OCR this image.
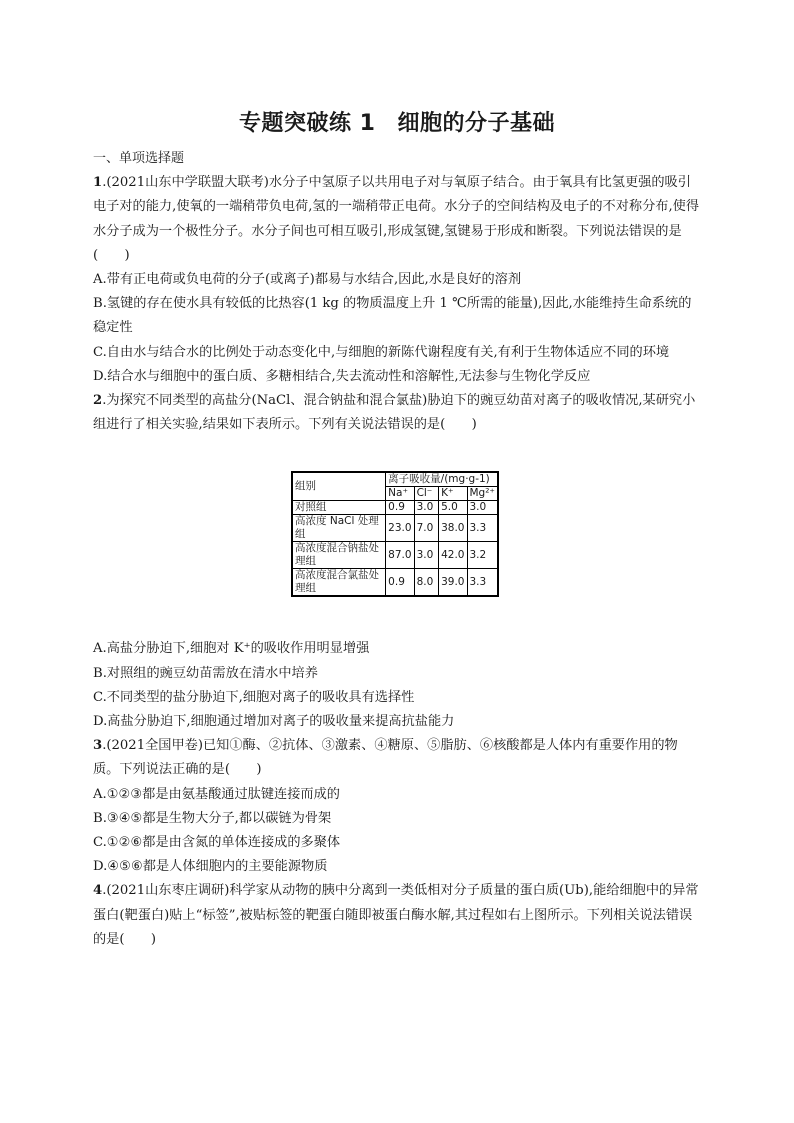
专题突破练 1 细胞的分子基础
一、单项选择题

1.(2021山东中学联盟大联考)水分子中氢原子以共用电子对与氧原子结合。由于氧具有比氢更强的吸引电子对的能力,使氧的一端稍带负电荷,氢的一端稍带正电荷。水分子的空间结构及电子的不对称分布,使得水分子成为一个极性分子。水分子间也可相互吸引,形成氢键,氢键易于形成和断裂。下列说法错误的是(　　)

A.带有正电荷或负电荷的分子(或离子)都易与水结合,因此,水是良好的溶剂

B.氢键的存在使水具有较低的比热容(1 kg 的物质温度上升 1 ℃所需的能量),因此,水能维持生命系统的稳定性

C.自由水与结合水的比例处于动态变化中,与细胞的新陈代谢程度有关,有利于生物体适应不同的环境

D.结合水与细胞中的蛋白质、多糖相结合,失去流动性和溶解性,无法参与生物化学反应

2.为探究不同类型的高盐分(NaCl、混合钠盐和混合氯盐)胁迫下的豌豆幼苗对离子的吸收情况,某研究小组进行了相关实验,结果如下表所示。下列有关说法错误的是(　　)

组别	离子吸收量/(mg·g-1)			
	Na⁺	Cl⁻	K⁺	Mg²⁺
对照组	0.9	3.0	5.0	3.0
高浓度 NaCl 处理组	23.0	7.0	38.0	3.3
高浓度混合钠盐处理组	87.0	3.0	42.0	3.2
高浓度混合氯盐处理组	0.9	8.0	39.0	3.3

A.高盐分胁迫下,细胞对 K⁺的吸收作用明显增强

B.对照组的豌豆幼苗需放在清水中培养

C.不同类型的盐分胁迫下,细胞对离子的吸收具有选择性

D.高盐分胁迫下,细胞通过增加对离子的吸收量来提高抗盐能力

3.(2021全国甲卷)已知①酶、②抗体、③激素、④糖原、⑤脂肪、⑥核酸都是人体内有重要作用的物质。下列说法正确的是(　　)

A.①②③都是由氨基酸通过肽键连接而成的

B.③④⑤都是生物大分子,都以碳链为骨架

C.①②⑥都是由含氮的单体连接成的多聚体

D.④⑤⑥都是人体细胞内的主要能源物质

4.(2021山东枣庄调研)科学家从动物的胰中分离到一类低相对分子质量的蛋白质(Ub),能给细胞中的异常蛋白(靶蛋白)贴上“标签”,被贴标签的靶蛋白随即被蛋白酶水解,其过程如右上图所示。下列相关说法错误的是(　　)
